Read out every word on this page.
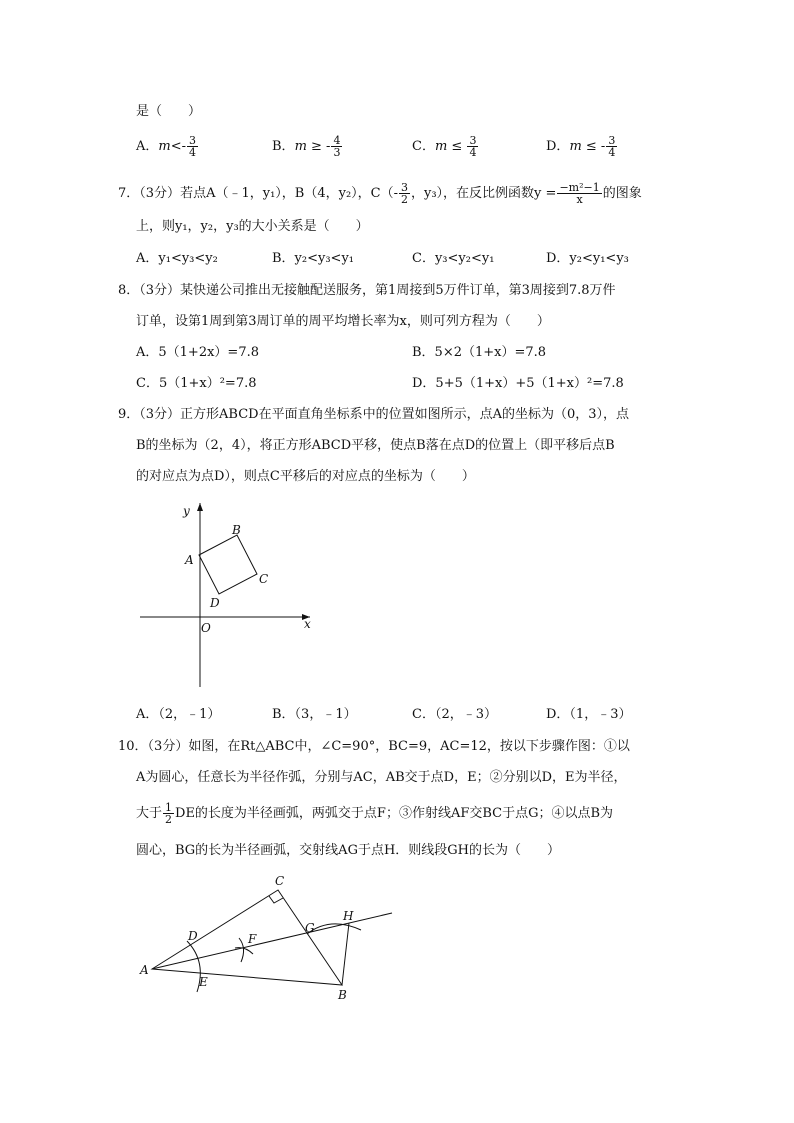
是（　　）
A．$m<- \frac{3}{4}$	B．m ≥ - $\frac{4}{3}$	C．$m \le \frac{3}{4}$	D．m ≤ - $\frac{3}{4}$
7．（3分）若点A（﹣1，y₁），B（4，y₂），$C(- \frac{3}{2}$ ，y₃），在反比例函数$y = \frac{\text{−m²−1}}{x}$ 的图象
上，则y₁，y₂，y₃的大小关系是（　　）
A．y₁<y₃<y₂	B．y₂<y₃<y₁	C．y₃<y₂<y₁	D．y₂<y₁<y₃
8．（3分）某快递公司推出无接触配送服务，第1周接到5万件订单，第3周接到7.8万件
订单，设第1周到第3周订单的周平均增长率为x，则可列方程为（　　）
A．5（1+2x）=7.8	B．5×2（1+x）=7.8
C．5（1+x）²=7.8	D．5+5（1+x）+5（1+x）²=7.8
9．（3分）正方形ABCD在平面直角坐标系中的位置如图所示，点A的坐标为（0，3），点
B的坐标为（2，4），将正方形ABCD平移，使点B落在点D的位置上（即平移后点B
的对应点为点D），则点C平移后的对应点的坐标为（　　）
y
x
O
A
B
C
D
A．（2，﹣1）	B．（3，﹣1）	C．（2，﹣3）	D．（1，﹣3）
10．（3分）如图，在Rt△ABC中，∠C=90°，BC=9，AC=12，按以下步骤作图：①以
A为圆心，任意长为半径作弧，分别与AC，AB交于点D，E；②分别以D，E为半径，
大于 $\frac{1}{2}$ DE的长度为半径画弧，两弧交于点F；③作射线AF交BC于点G；④以点B为
圆心，BG的长为半径画弧，交射线AG于点H．则线段GH的长为（　　）
A
B
C
D
E
F
G
H
